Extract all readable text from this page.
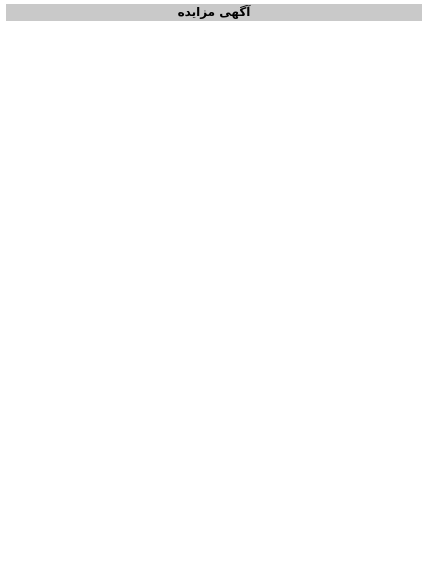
آگهی مزایده
